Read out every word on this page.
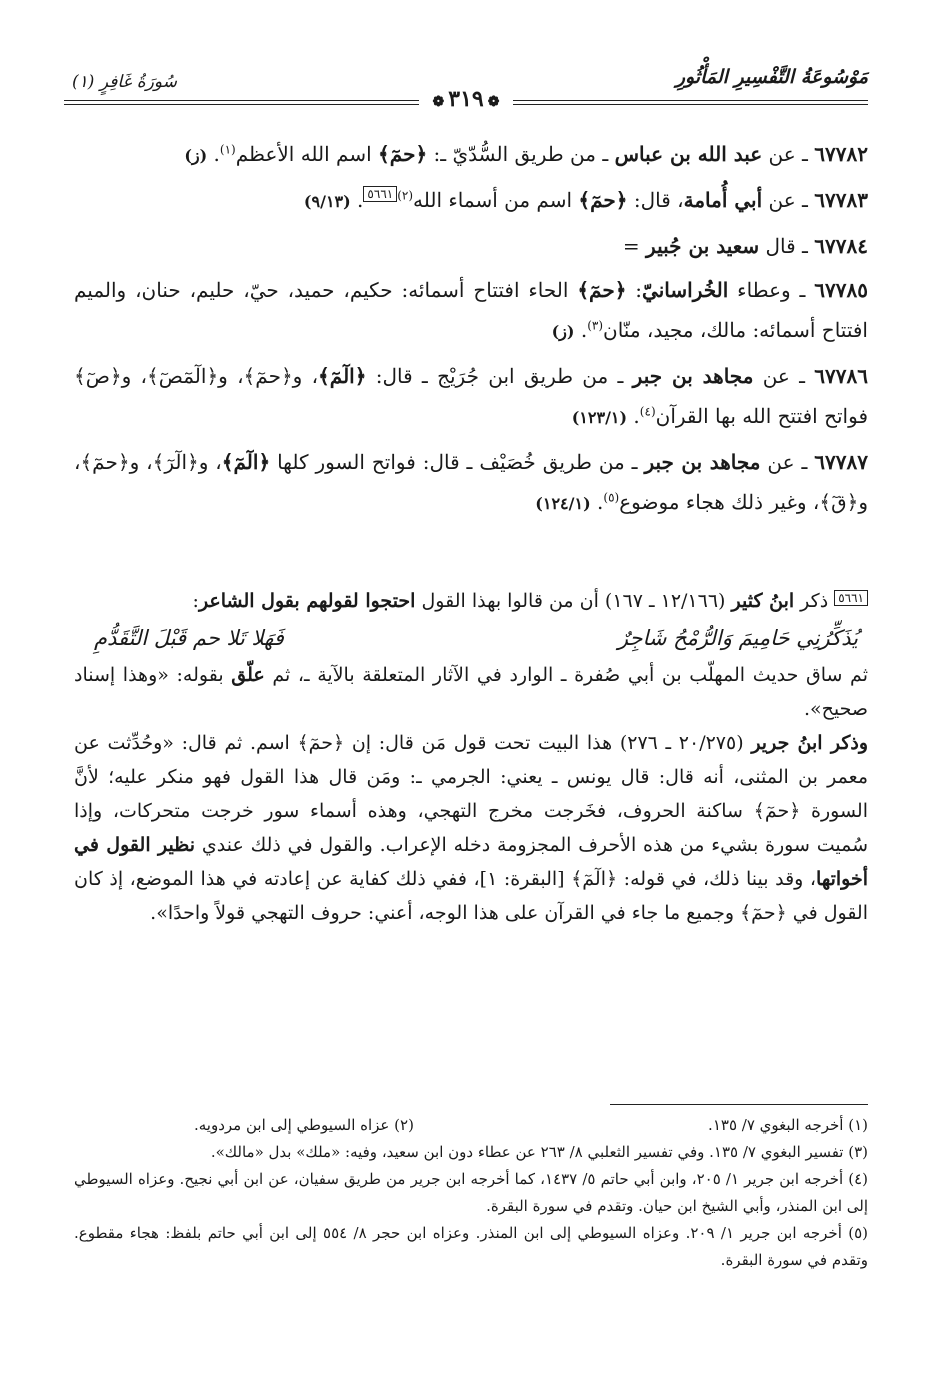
مَوْسُوعَةُ التَّفْسِيرِ المَأْثُورِ
سُورَةُ غَافِرٍ (١)
❁٣١٩❁

٦٧٧٨٢ ـ عن عبد الله بن عباس ـ من طريق السُّدّيّ ـ: ﴿حمٓ﴾ اسم الله الأعظم$^{(١)}$. (ز)

٦٧٧٨٣ ـ عن أبي أُمامة، قال: ﴿حمٓ﴾ اسم من أسماء الله$^{(٢)}$٥٦٦١. (٩/١٣)

٦٧٧٨٤ ـ قال سعيد بن جُبير =

٦٧٧٨٥ ـ وعطاء الخُراسانيّ: ﴿حمٓ﴾ الحاء افتتاح أسمائه: حكيم، حميد، حيّ، حليم، حنان، والميم افتتاح أسمائه: مالك، مجيد، منّان$^{(٣)}$. (ز)

٦٧٧٨٦ ـ عن مجاهد بن جبر ـ من طريق ابن جُرَيْج ـ قال: ﴿الٓمٓ﴾، و﴿حمٓ﴾، و﴿الٓمٓصٓ﴾، و﴿صٓ﴾ فواتح افتتح الله بها القرآن$^{(٤)}$. (١٢٣/١)

٦٧٧٨٧ ـ عن مجاهد بن جبر ـ من طريق خُصَيْف ـ قال: فواتح السور كلها ﴿الٓمٓ﴾، و﴿الٓرٓ﴾، و﴿حمٓ﴾، و﴿قٓ﴾، وغير ذلك هجاء موضوع$^{(٥)}$. (١٢٤/١)

٥٦٦١ ذكر ابنُ كثير (١٢/١٦٦ ـ ١٦٧) أن من قالوا بهذا القول احتجوا لقولهم بقول الشاعر:

يُذَكِّرُنِي حَامِيمَ وَالرُّمْحُ شَاجِرٌ
فَهَلا تَلا حم قَبْلَ التَّقَدُّمِ

ثم ساق حديث المهلّب بن أبي صُفرة ـ الوارد في الآثار المتعلقة بالآية ـ، ثم علّق بقوله: «وهذا إسناد صحيح».

وذكر ابنُ جرير (٢٠/٢٧٥ ـ ٢٧٦) هذا البيت تحت قول مَن قال: إن ﴿حمٓ﴾ اسم. ثم قال: «وحُدِّثت عن معمر بن المثنى، أنه قال: قال يونس ـ يعني: الجرمي ـ: ومَن قال هذا القول فهو منكر عليه؛ لأنَّ السورة ﴿حمٓ﴾ ساكنة الحروف، فخَرجت مخرج التهجي، وهذه أسماء سور خرجت متحركات، وإذا سُميت سورة بشيء من هذه الأحرف المجزومة دخله الإعراب. والقول في ذلك عندي نظير القول في أخواتها، وقد بينا ذلك، في قوله: ﴿الٓمٓ﴾ [البقرة: ١]، ففي ذلك كفاية عن إعادته في هذا الموضع، إذ كان القول في ﴿حمٓ﴾ وجميع ما جاء في القرآن على هذا الوجه، أعني: حروف التهجي قولاً واحدًا».

(١) أخرجه البغوي ٧/ ١٣٥.
(٢) عزاه السيوطي إلى ابن مردويه.

(٣) تفسير البغوي ٧/ ١٣٥. وفي تفسير الثعلبي ٨/ ٢٦٣ عن عطاء دون ابن سعيد، وفيه: «ملك» بدل «مالك».

(٤) أخرجه ابن جرير ١/ ٢٠٥، وابن أبي حاتم ٥/ ١٤٣٧، كما أخرجه ابن جرير من طريق سفيان، عن ابن أبي نجيح. وعزاه السيوطي إلى ابن المنذر، وأبي الشيخ ابن حيان. وتقدم في سورة البقرة.

(٥) أخرجه ابن جرير ١/ ٢٠٩. وعزاه السيوطي إلى ابن المنذر. وعزاه ابن حجر ٨/ ٥٥٤ إلى ابن أبي حاتم بلفظ: هجاء مقطوع. وتقدم في سورة البقرة.
